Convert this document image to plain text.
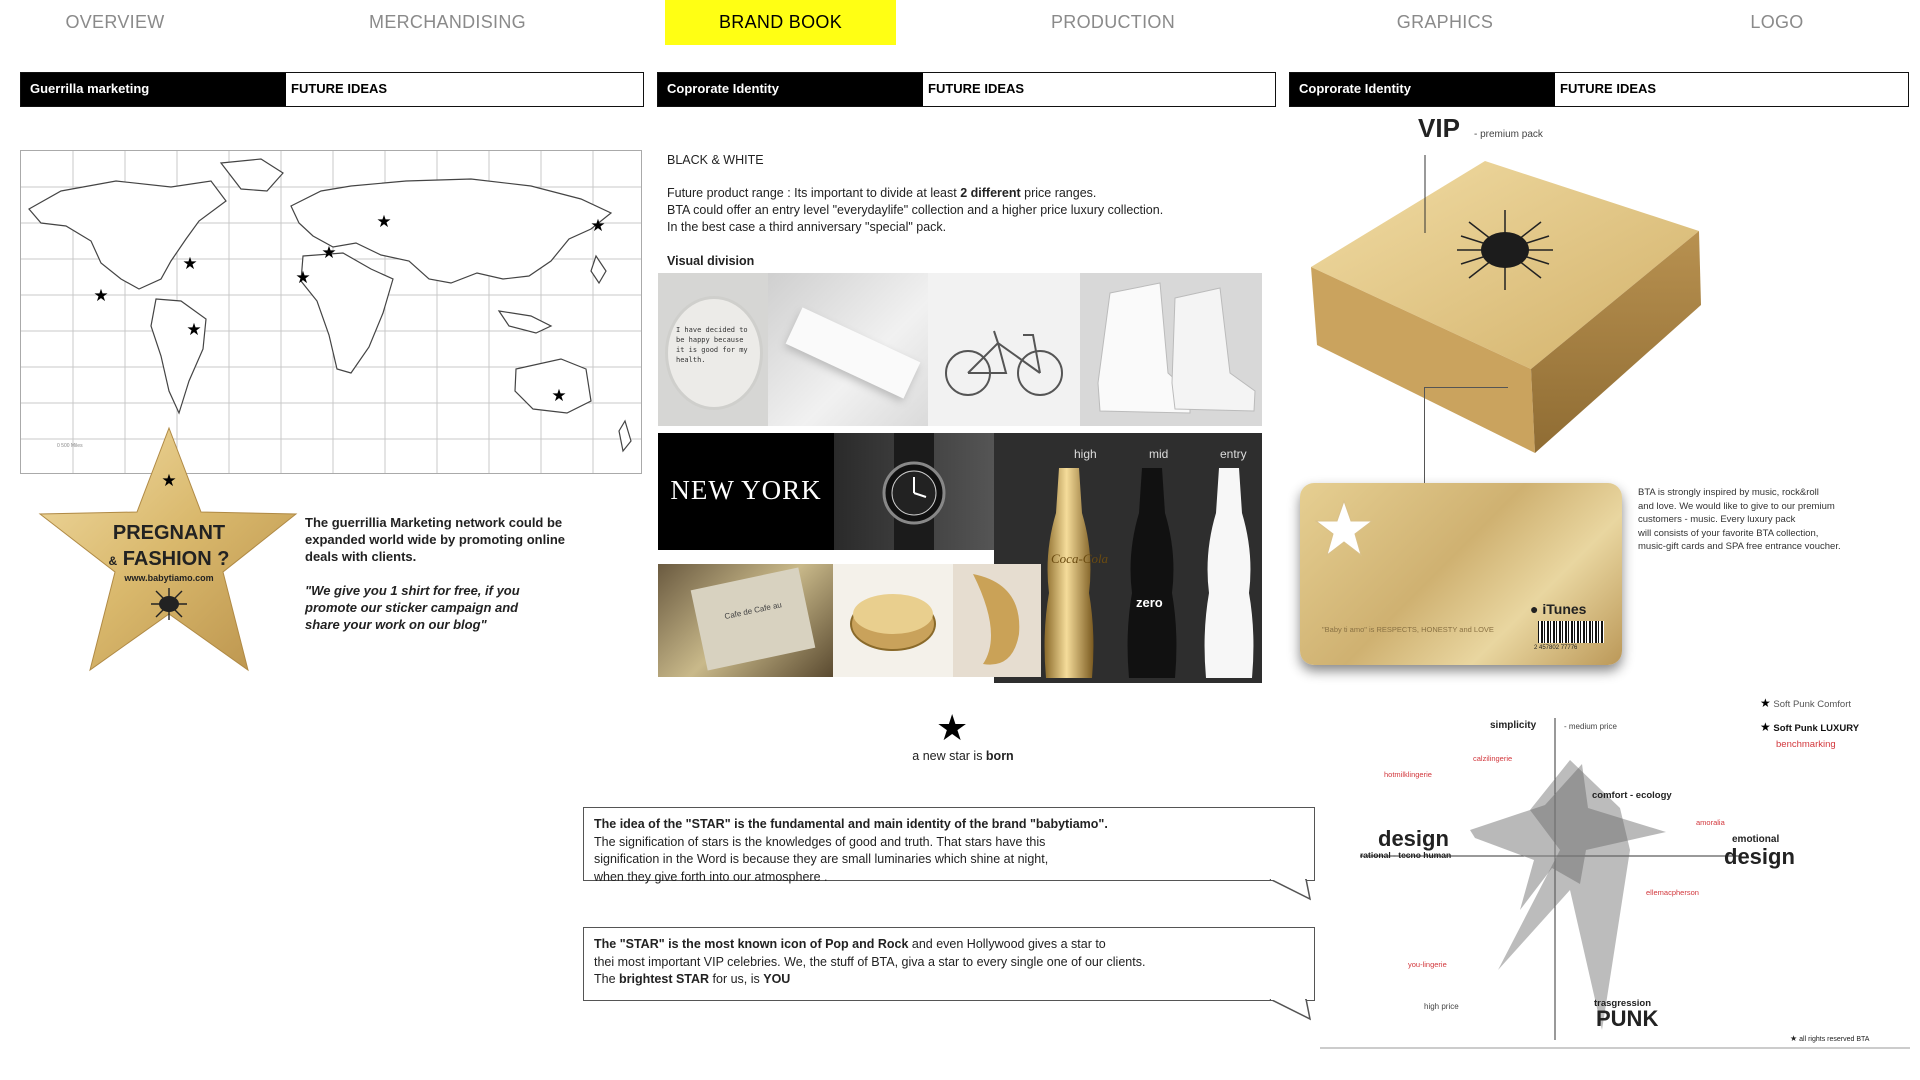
OVERVIEW	MERCHANDISING	BRAND BOOK	PRODUCTION	GRAPHICS	LOGO
Guerrilla marketing	FUTURE IDEAS
★	★
★
★
★
★
★
★
0 500 Miles
★
PREGNANT
& FASHION ?
www.babytiamo.com
The guerrillia Marketing network could be expanded world wide by promoting online deals with clients.
"We give you 1 shirt for free, if you promote our sticker campaign and share your work on our blog"
Coprorate Identity	FUTURE IDEAS
BLACK & WHITE
Future product range : Its important to divide at least 2 different price ranges.
BTA could offer an entry level "everydaylife" collection and a higher price luxury collection.
In the best case a third anniversary "special" pack.
Visual division
I have decided to be happy because it is good for my health.
NEW YORK
high	mid	entry
Coca-Cola
zero
Cafe de Cafe au
★
a new star is born
The idea of the "STAR" is the fundamental and main identity of the brand "babytiamo".
The signification of stars is the knowledges of good and truth. That stars have this
signification in the Word is because they are small luminaries which shine at night,
when they give forth into our atmosphere .
The "STAR" is the most known icon of Pop and Rock and even Hollywood gives a star to
thei most important VIP celebries. We, the stuff of BTA, giva a star to every single one of our clients.
The brightest STAR for us, is YOU
Coprorate Identity	FUTURE IDEAS
VIP - premium pack
● iTunes
"Baby ti amo" is RESPECTS, HONESTY and LOVE
2 457802 77776
BTA is strongly inspired by music, rock&roll
and love. We would like to give to our premium
customers - music. Every luxury pack
will consists of your favorite BTA collection,
music-gift cards and SPA free entrance voucher.
★ Soft Punk Comfort
★ Soft Punk LUXURY
benchmarking
simplicity	- medium price
design
rational - tecno human
emotional
design
trasgression
PUNK
high price
comfort - ecology
calzilingerie
hotmilklingerie
amoralia
ellemacpherson
you-lingerie
★ all rights reserved BTA
